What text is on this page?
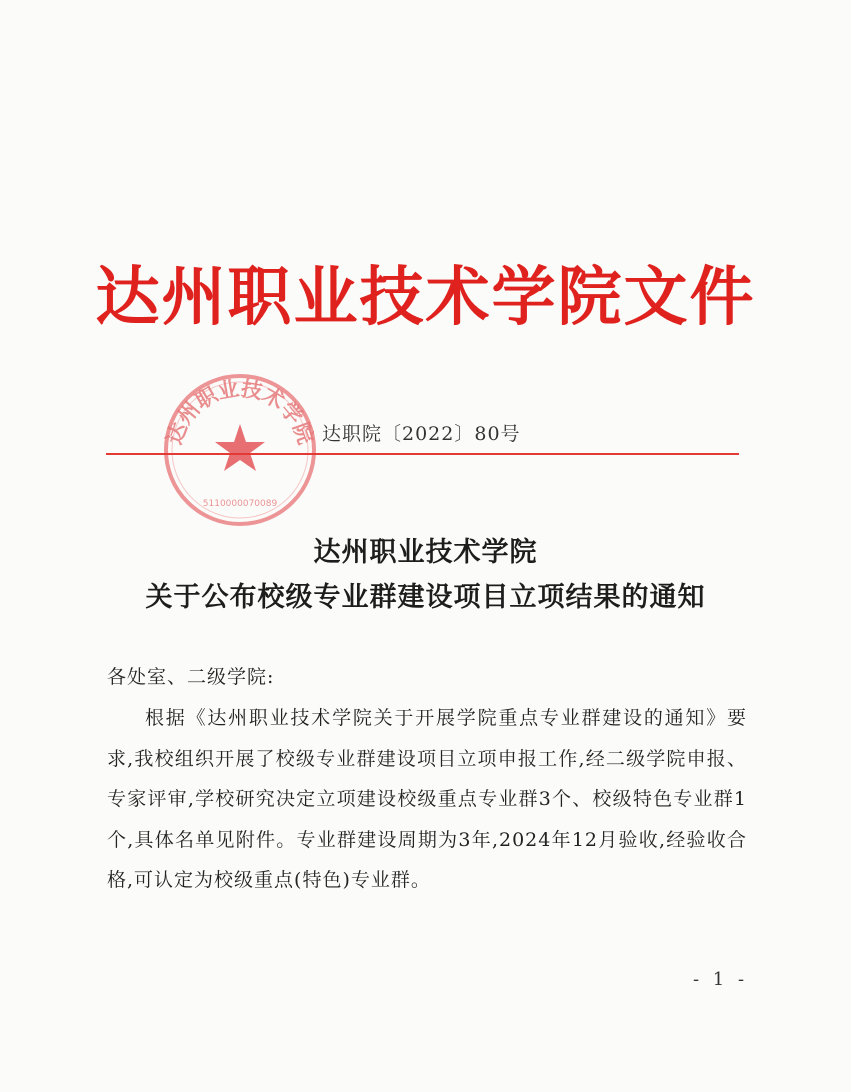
达州职业技术学院文件
达州职业技术学院
5110000070089
达职院〔2022〕80号
达州职业技术学院
关于公布校级专业群建设项目立项结果的通知
各处室、二级学院:

根据《达州职业技术学院关于开展学院重点专业群建设的通知》要求,我校组织开展了校级专业群建设项目立项申报工作,经二级学院申报、专家评审,学校研究决定立项建设校级重点专业群3个、校级特色专业群1个,具体名单见附件。专业群建设周期为3年,2024年12月验收,经验收合格,可认定为校级重点(特色)专业群。

- 1 -
